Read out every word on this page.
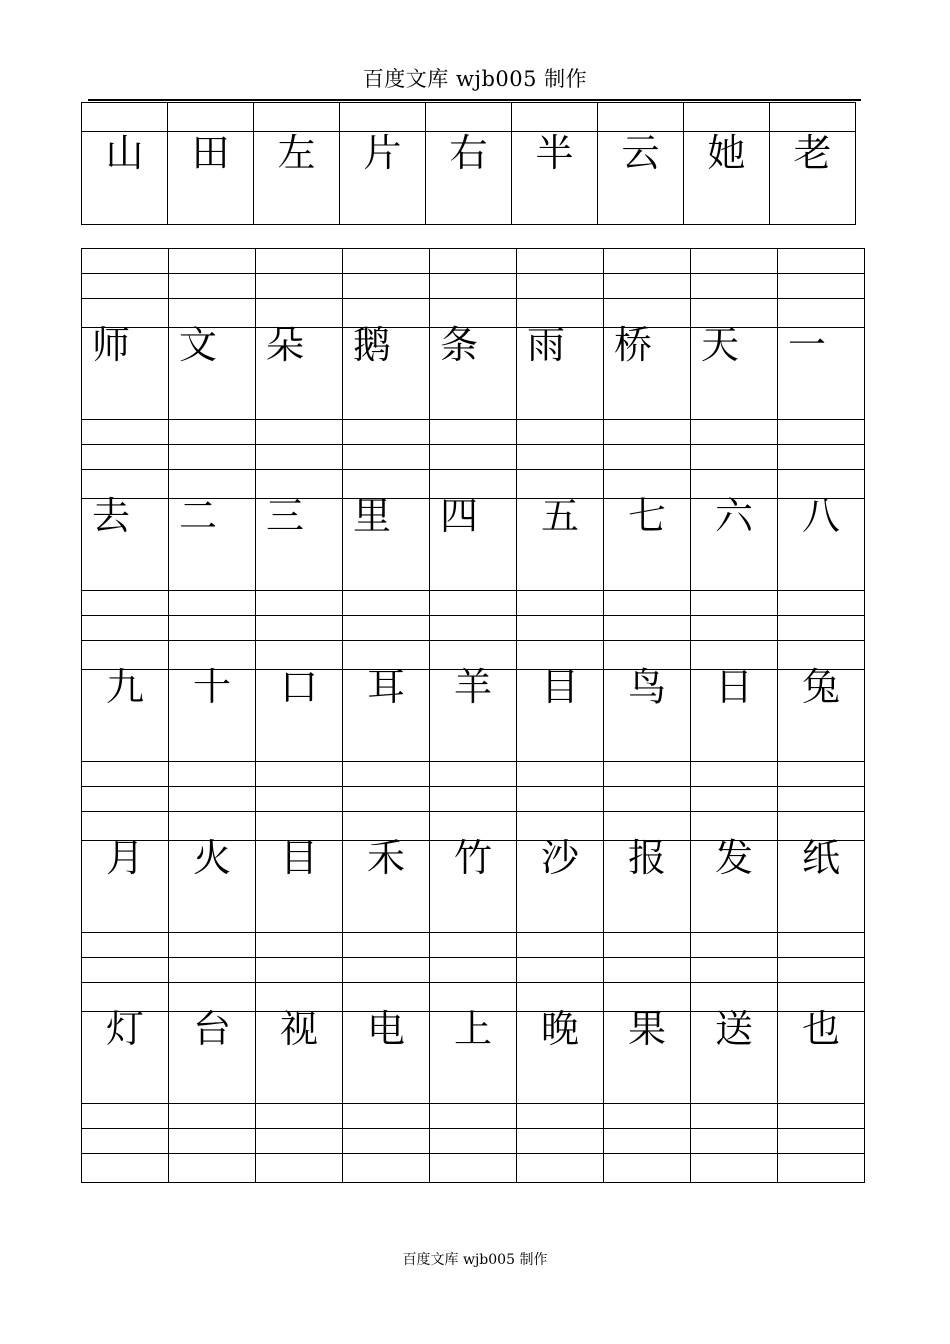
百度文库 wjb005 制作

山	田	左	片	右	半	云	她	老

师	文	朵	鹅	条	雨	桥	天	一

去	二	三	里	四	五	七	六	八

九	十	口	耳	羊	目	鸟	日	兔

月	火	目	禾	竹	沙	报	发	纸

灯	台	视	电	上	晚	果	送	也

百度文库 wjb005 制作
